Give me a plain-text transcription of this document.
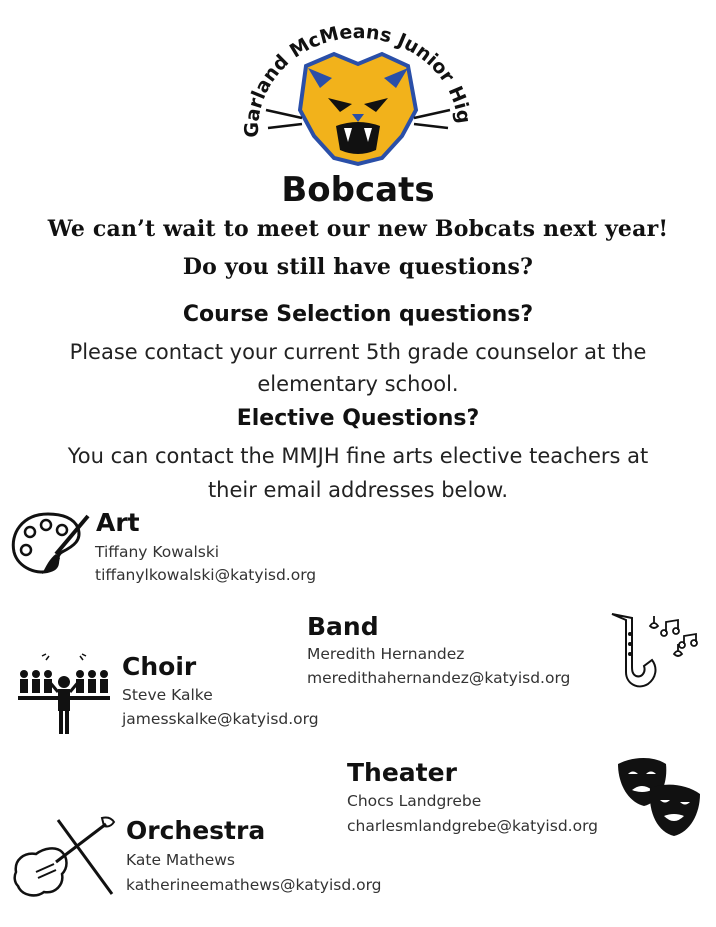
Garland McMeans Junior High
Bobcats
We can’t wait to meet our new Bobcats next year!
Do you still have questions?
Course Selection questions?
Please contact your current 5th grade counselor at the
elementary school.
Elective Questions?
You can contact the MMJH fine arts elective teachers at
their email addresses below.
Art
Tiffany Kowalski
tiffanylkowalski@katyisd.org
Band
Meredith Hernandez
meredithahernandez@katyisd.org
Choir
Steve Kalke
jamesskalke@katyisd.org
Theater
Chocs Landgrebe
charlesmlandgrebe@katyisd.org
Orchestra
Kate Mathews
katherineemathews@katyisd.org
